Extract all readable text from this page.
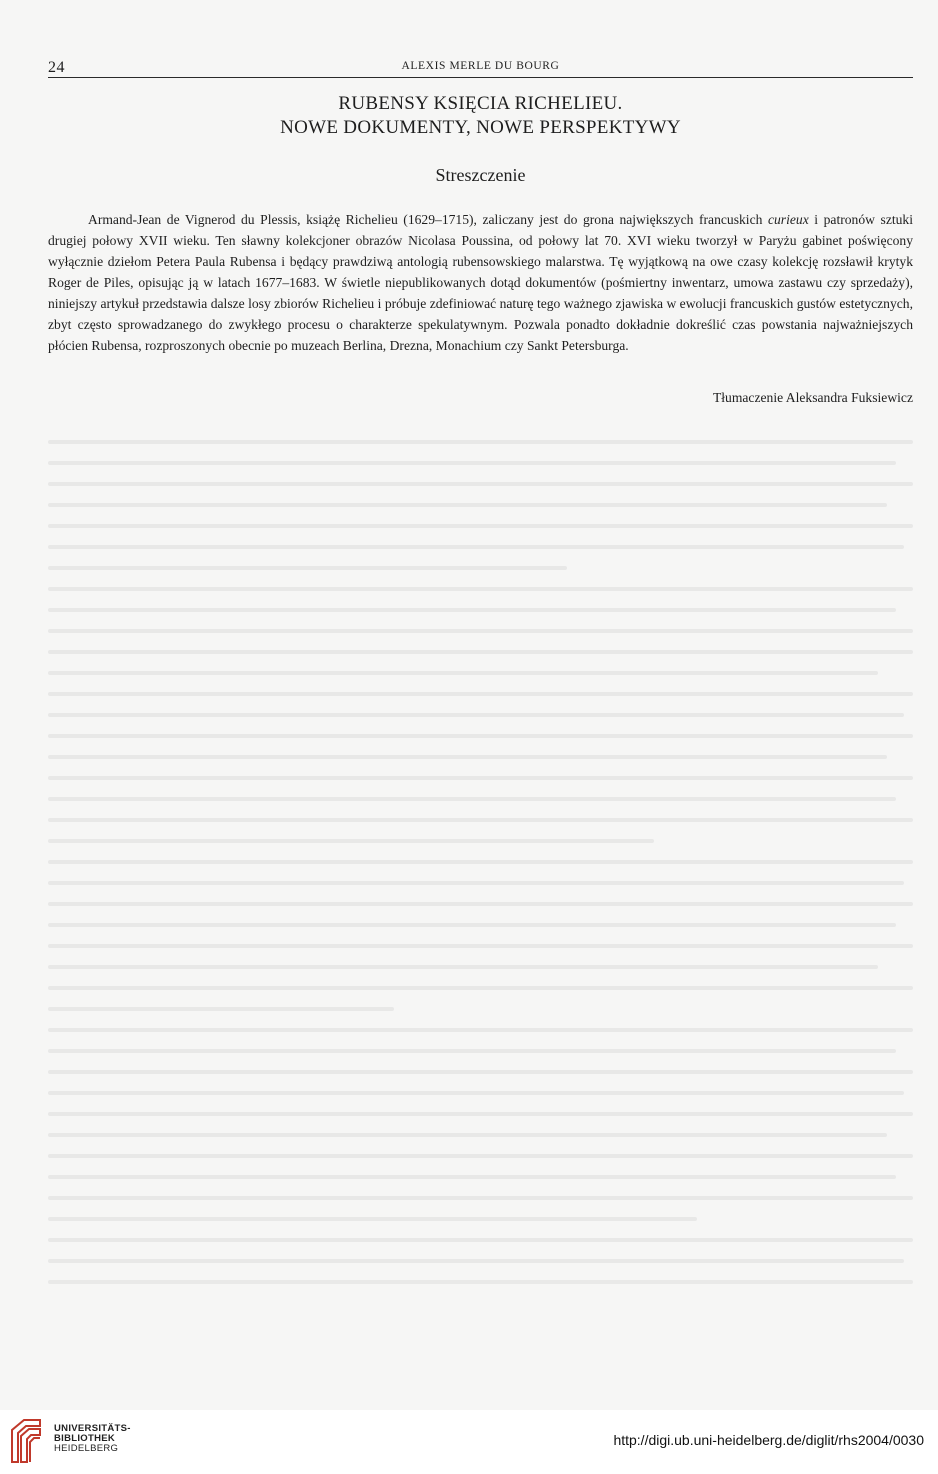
24	ALEXIS MERLE DU BOURG
RUBENSY KSIĘCIA RICHELIEU.
NOWE DOKUMENTY, NOWE PERSPEKTYWY
Streszczenie

Armand-Jean de Vignerod du Plessis, książę Richelieu (1629–1715), zaliczany jest do grona największych francuskich curieux i patronów sztuki drugiej połowy XVII wieku. Ten sławny kolekcjoner obrazów Nicolasa Poussina, od połowy lat 70. XVI wieku tworzył w Paryżu gabinet poświęcony wyłącznie dziełom Petera Paula Rubensa i będący prawdziwą antologią rubensowskiego malarstwa. Tę wyjątkową na owe czasy kolekcję rozsławił krytyk Roger de Piles, opisując ją w latach 1677–1683. W świetle niepublikowanych dotąd dokumentów (pośmiertny inwentarz, umowa zastawu czy sprzedaży), niniejszy artykuł przedstawia dalsze losy zbiorów Richelieu i próbuje zdefiniować naturę tego ważnego zjawiska w ewolucji francuskich gustów estetycznych, zbyt często sprowadzanego do zwykłego procesu o charakterze spekulatywnym. Pozwala ponadto dokładnie dokreślić czas powstania najważniejszych płócien Rubensa, rozproszonych obecnie po muzeach Berlina, Drezna, Monachium czy Sankt Petersburga.

Tłumaczenie Aleksandra Fuksiewicz
UNIVERSITÄTS-
BIBLIOTHEK
HEIDELBERG
http://digi.ub.uni-heidelberg.de/diglit/rhs2004/0030
